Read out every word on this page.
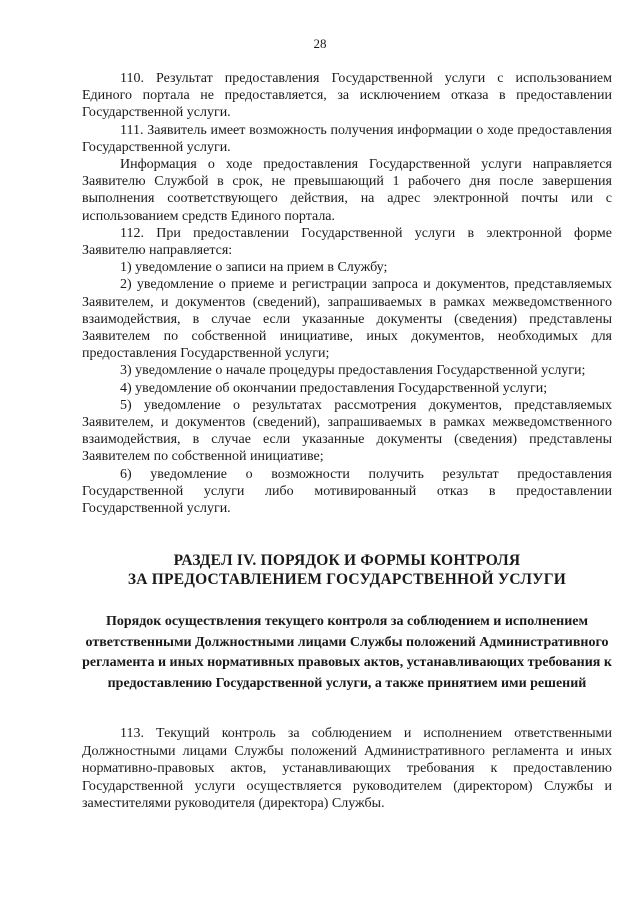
28

110. Результат предоставления Государственной услуги с использованием Единого портала не предоставляется, за исключением отказа в предоставлении Государственной услуги.

111. Заявитель имеет возможность получения информации о ходе предоставления Государственной услуги.

Информация о ходе предоставления Государственной услуги направляется Заявителю Службой в срок, не превышающий 1 рабочего дня после завершения выполнения соответствующего действия, на адрес электронной почты или с использованием средств Единого портала.

112. При предоставлении Государственной услуги в электронной форме Заявителю направляется:

1) уведомление о записи на прием в Службу;

2) уведомление о приеме и регистрации запроса и документов, представляемых Заявителем, и документов (сведений), запрашиваемых в рамках межведомственного взаимодействия, в случае если указанные документы (сведения) представлены Заявителем по собственной инициативе, иных документов, необходимых для предоставления Государственной услуги;

3) уведомление о начале процедуры предоставления Государственной услуги;

4) уведомление об окончании предоставления Государственной услуги;

5) уведомление о результатах рассмотрения документов, представляемых Заявителем, и документов (сведений), запрашиваемых в рамках межведомственного взаимодействия, в случае если указанные документы (сведения) представлены Заявителем по собственной инициативе;

6) уведомление о возможности получить результат предоставления Государственной услуги либо мотивированный отказ в предоставлении Государственной услуги.

РАЗДЕЛ IV. ПОРЯДОК И ФОРМЫ КОНТРОЛЯ
ЗА ПРЕДОСТАВЛЕНИЕМ ГОСУДАРСТВЕННОЙ УСЛУГИ
Порядок осуществления текущего контроля за соблюдением и исполнением ответственными Должностными лицами Службы положений Административного регламента и иных нормативных правовых актов, устанавливающих требования к предоставлению Государственной услуги, а также принятием ими решений

113. Текущий контроль за соблюдением и исполнением ответственными Должностными лицами Службы положений Административного регламента и иных нормативно-правовых актов, устанавливающих требования к предоставлению Государственной услуги осуществляется руководителем (директором) Службы и заместителями руководителя (директора) Службы.
